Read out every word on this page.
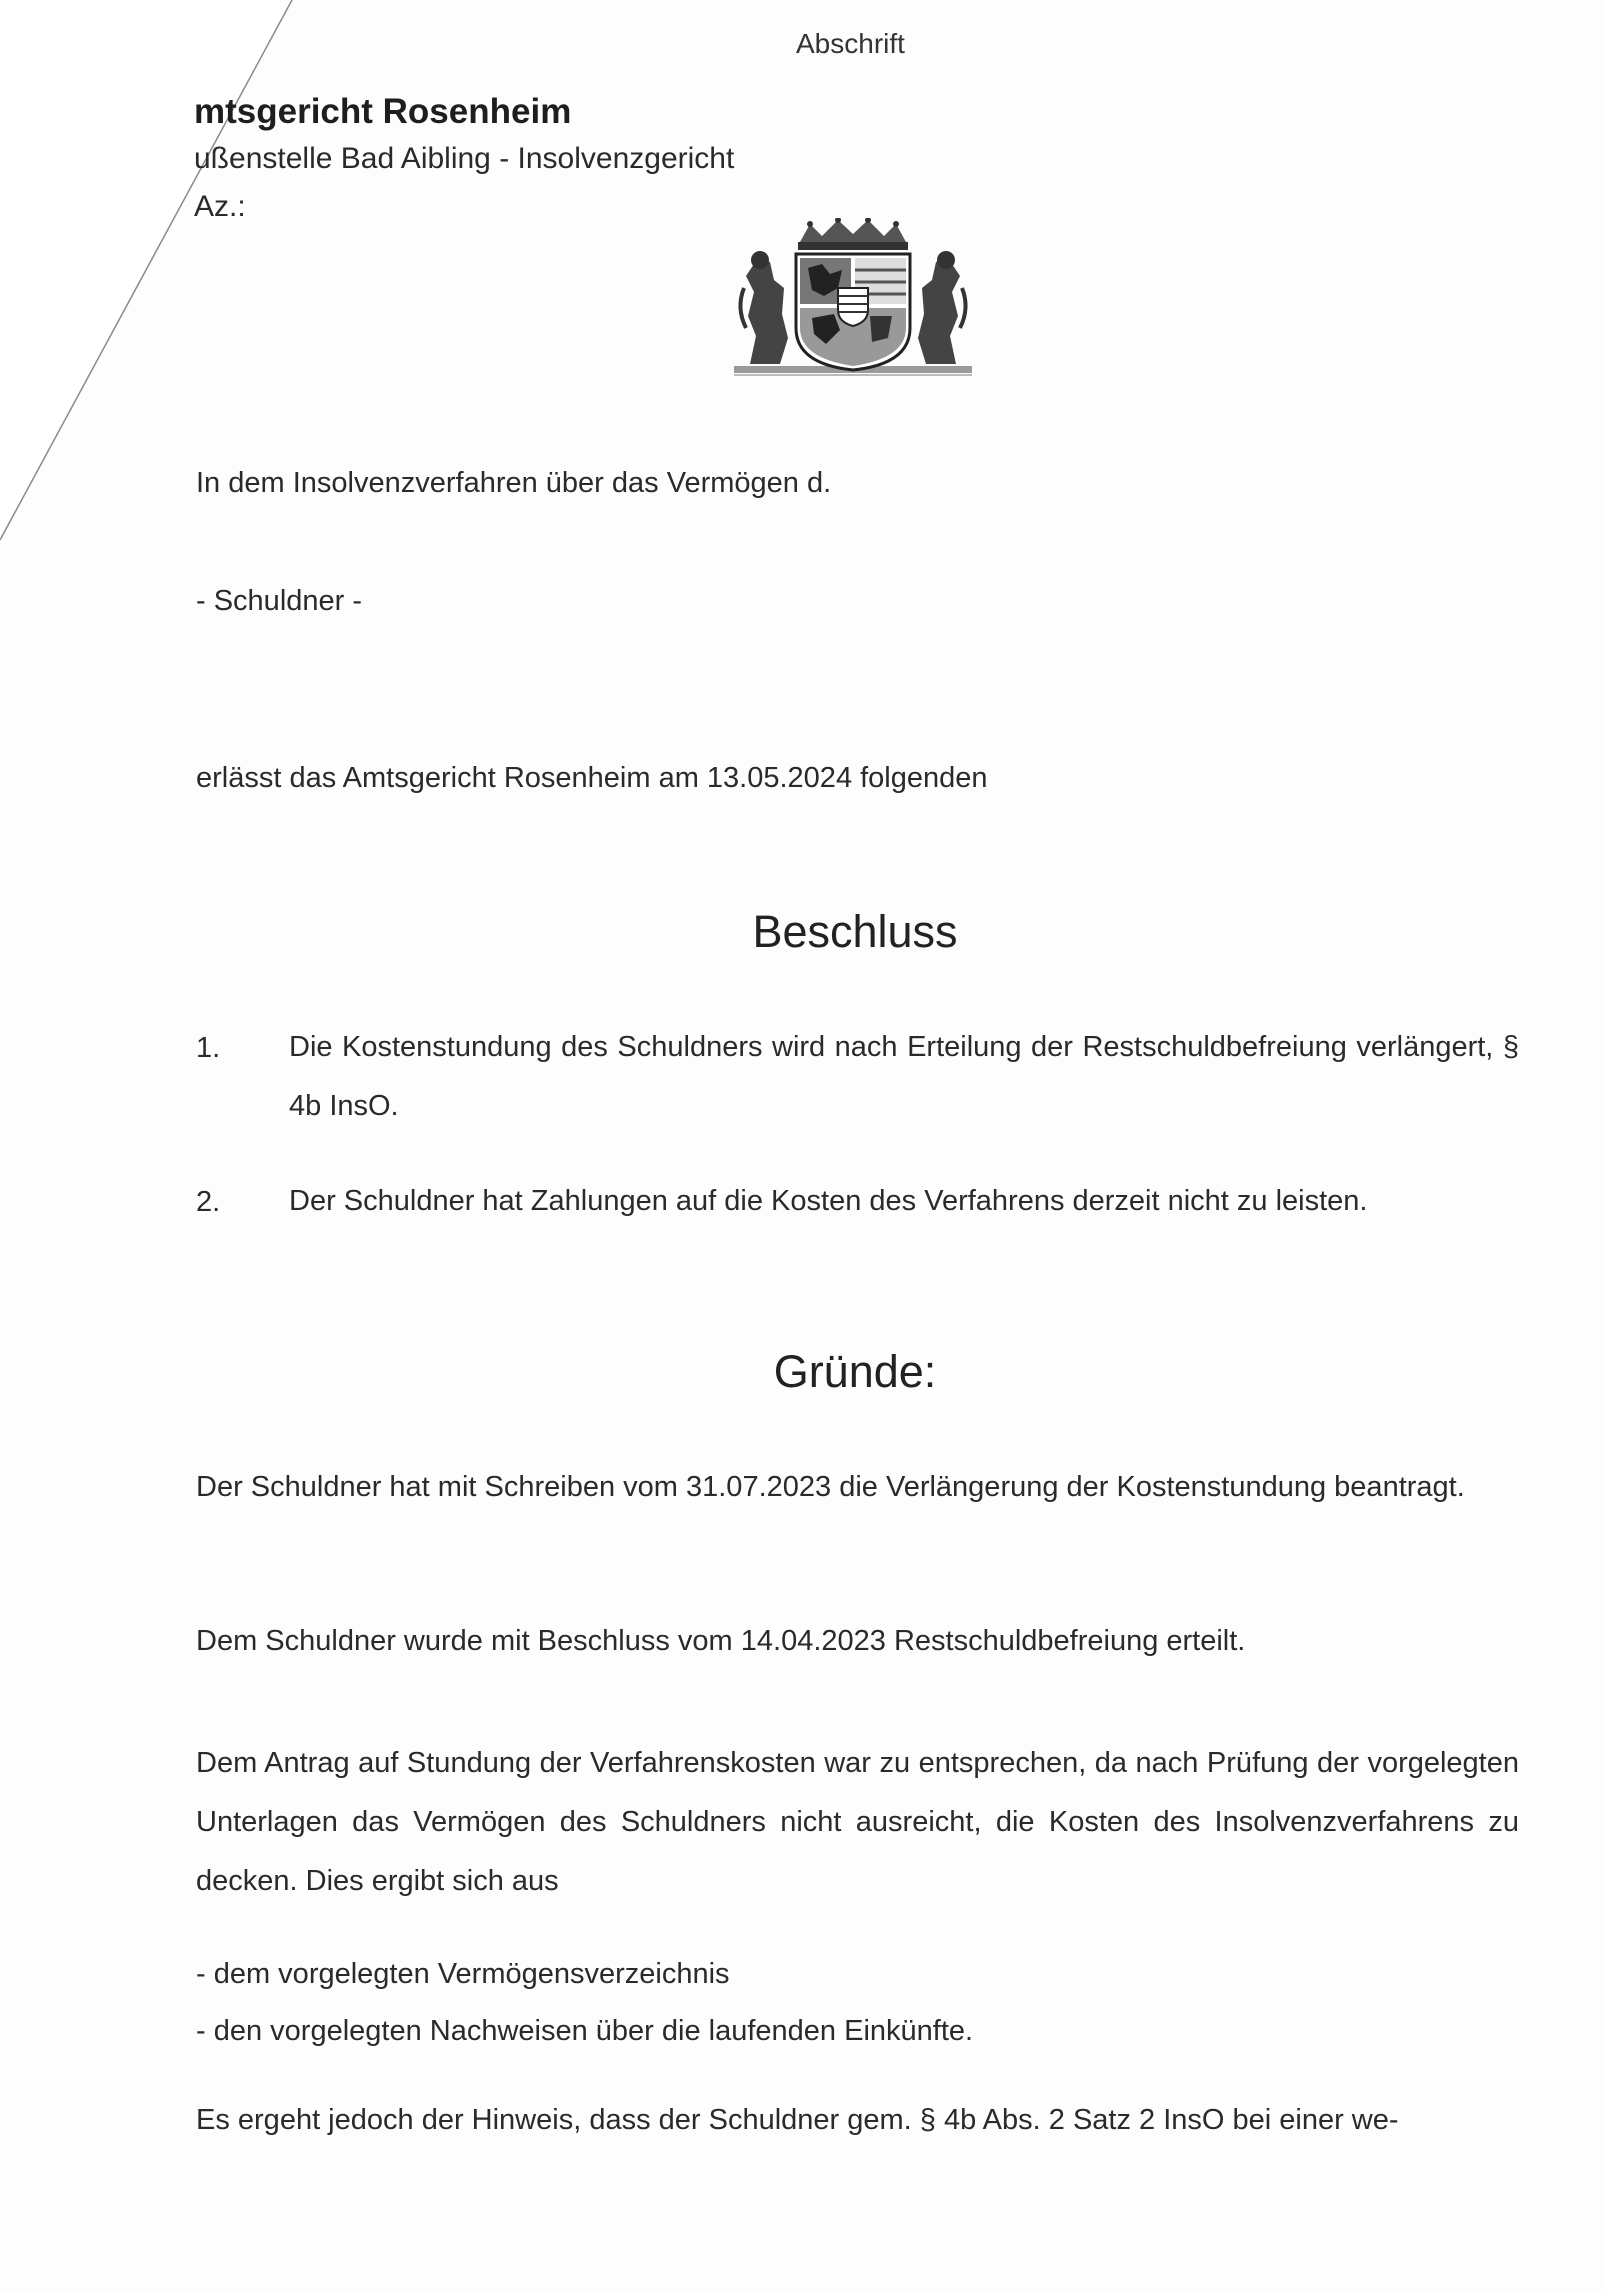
Abschrift
mtsgericht Rosenheim
ußenstelle Bad Aibling - Insolvenzgericht
Az.:
In dem Insolvenzverfahren über das Vermögen d.
- Schuldner -
erlässt das Amtsgericht Rosenheim am 13.05.2024 folgenden
Beschluss
1. Die Kostenstundung des Schuldners wird nach Erteilung der Restschuldbefreiung verlängert, § 4b InsO.
2. Der Schuldner hat Zahlungen auf die Kosten des Verfahrens derzeit nicht zu leisten.
Gründe:
Der Schuldner hat mit Schreiben vom 31.07.2023 die Verlängerung der Kostenstundung beantragt.
Dem Schuldner wurde mit Beschluss vom 14.04.2023 Restschuldbefreiung erteilt.
Dem Antrag auf Stundung der Verfahrenskosten war zu entsprechen, da nach Prüfung der vorgelegten Unterlagen das Vermögen des Schuldners nicht ausreicht, die Kosten des Insolvenzverfahrens zu decken. Dies ergibt sich aus
- dem vorgelegten Vermögensverzeichnis
- den vorgelegten Nachweisen über die laufenden Einkünfte.
Es ergeht jedoch der Hinweis, dass der Schuldner gem. § 4b Abs. 2 Satz 2 InsO bei einer we-
